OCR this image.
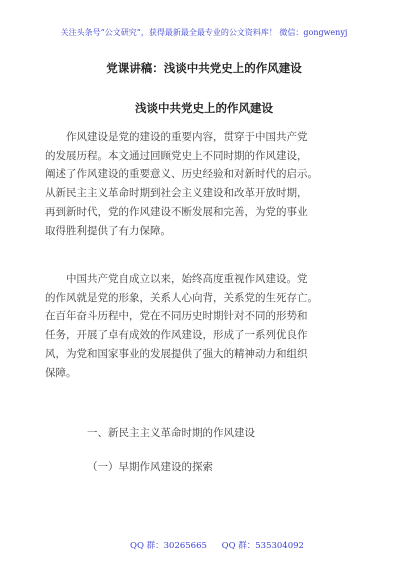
关注头条号“公文研究”，获得最新最全最专业的公文资料库！ 微信：gongwenyj
党课讲稿：浅谈中共党史上的作风建设
浅谈中共党史上的作风建设

作风建设是党的建设的重要内容，贯穿于中国共产党
的发展历程。本文通过回顾党史上不同时期的作风建设，
阐述了作风建设的重要意义、历史经验和对新时代的启示。
从新民主主义革命时期到社会主义建设和改革开放时期，
再到新时代，党的作风建设不断发展和完善，为党的事业
取得胜利提供了有力保障。

中国共产党自成立以来，始终高度重视作风建设。党
的作风就是党的形象，关系人心向背，关系党的生死存亡。
在百年奋斗历程中，党在不同历史时期针对不同的形势和
任务，开展了卓有成效的作风建设，形成了一系列优良作
风，为党和国家事业的发展提供了强大的精神动力和组织
保障。

一、新民主主义革命时期的作风建设
（一）早期作风建设的探索
QQ 群：30265665 QQ 群：535304092
